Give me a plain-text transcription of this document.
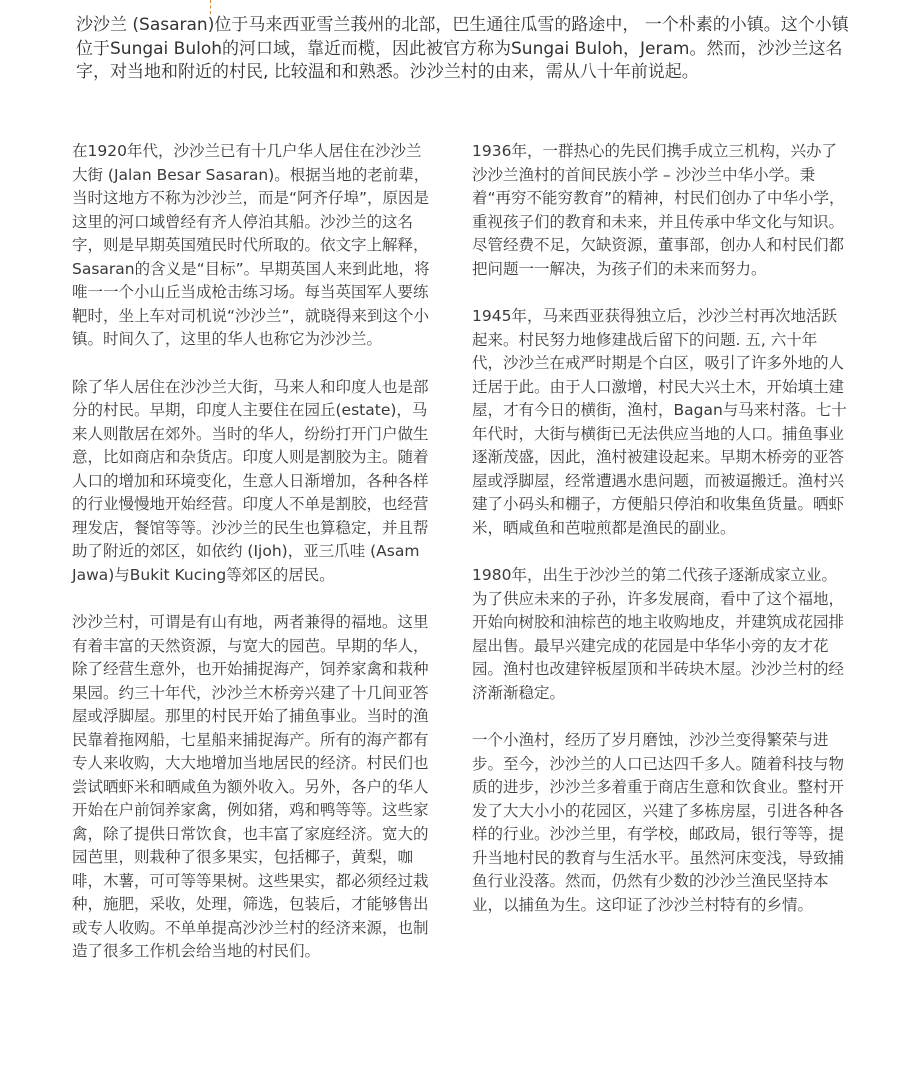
沙沙兰 (Sasaran)位于马来西亚雪兰莪州的北部，巴生通往瓜雪的路途中， 一个朴素的小镇。这个小镇位于Sungai Buloh的河口域，靠近而榄，因此被官方称为Sungai Buloh，Jeram。然而，沙沙兰这名字，对当地和附近的村民, 比较温和和熟悉。沙沙兰村的由来，需从八十年前说起。

在1920年代，沙沙兰已有十几户华人居住在沙沙兰大街 (Jalan Besar Sasaran)。根据当地的老前辈，当时这地方不称为沙沙兰，而是“阿齐仔埠”，原因是这里的河口域曾经有齐人停泊其船。沙沙兰的这名字，则是早期英国殖民时代所取的。依文字上解释，Sasaran的含义是“目标”。早期英国人来到此地，将唯一一个小山丘当成枪击练习场。每当英国军人要练靶时，坐上车对司机说“沙沙兰”，就晓得来到这个小镇。时间久了，这里的华人也称它为沙沙兰。

除了华人居住在沙沙兰大街，马来人和印度人也是部分的村民。早期，印度人主要住在园丘(estate)，马来人则散居在郊外。当时的华人，纷纷打开门户做生意，比如商店和杂货店。印度人则是割胶为主。随着人口的增加和环境变化，生意人日渐增加，各种各样的行业慢慢地开始经营。印度人不单是割胶，也经营理发店，餐馆等等。沙沙兰的民生也算稳定，并且帮助了附近的郊区，如依约 (Ijoh)，亚三爪哇 (Asam Jawa)与Bukit Kucing等郊区的居民。

沙沙兰村，可谓是有山有地，两者兼得的福地。这里有着丰富的天然资源，与宽大的园芭。早期的华人，除了经营生意外，也开始捕捉海产，饲养家禽和栽种果园。约三十年代，沙沙兰木桥旁兴建了十几间亚答屋或浮脚屋。那里的村民开始了捕鱼事业。当时的渔民靠着拖网船，七星船来捕捉海产。所有的海产都有专人来收购，大大地增加当地居民的经济。村民们也尝试晒虾米和晒咸鱼为额外收入。另外，各户的华人开始在户前饲养家禽，例如猪，鸡和鸭等等。这些家禽，除了提供日常饮食，也丰富了家庭经济。宽大的园芭里，则栽种了很多果实，包括椰子，黄梨，咖啡，木薯，可可等等果树。这些果实，都必须经过栽种，施肥，采收，处理，筛选，包装后，才能够售出或专人收购。不单单提高沙沙兰村的经济来源，也制造了很多工作机会给当地的村民们。

1936年，一群热心的先民们携手成立三机构，兴办了沙沙兰渔村的首间民族小学 – 沙沙兰中华小学。秉着“再穷不能穷教育”的精神，村民们创办了中华小学，重视孩子们的教育和未来，并且传承中华文化与知识。尽管经费不足，欠缺资源，董事部，创办人和村民们都把问题一一解决，为孩子们的未来而努力。

1945年，马来西亚获得独立后，沙沙兰村再次地活跃起来。村民努力地修建战后留下的问题. 五, 六十年代，沙沙兰在戒严时期是个白区，吸引了许多外地的人迁居于此。由于人口激增，村民大兴土木，开始填土建屋，才有今日的横街，渔村，Bagan与马来村落。七十年代时，大街与横街已无法供应当地的人口。捕鱼事业逐渐茂盛，因此，渔村被建设起来。早期木桥旁的亚答屋或浮脚屋，经常遭遇水患问题，而被逼搬迁。渔村兴建了小码头和棚子，方便船只停泊和收集鱼货量。晒虾米，晒咸鱼和芭啦煎都是渔民的副业。

1980年，出生于沙沙兰的第二代孩子逐渐成家立业。为了供应未来的子孙，许多发展商，看中了这个福地，开始向树胶和油棕芭的地主收购地皮，并建筑成花园排屋出售。最早兴建完成的花园是中华华小旁的友才花园。渔村也改建锌板屋顶和半砖块木屋。沙沙兰村的经济渐渐稳定。

一个小渔村，经历了岁月磨蚀，沙沙兰变得繁荣与进步。至今，沙沙兰的人口已达四千多人。随着科技与物质的进步，沙沙兰多着重于商店生意和饮食业。整村开发了大大小小的花园区，兴建了多栋房屋，引进各种各样的行业。沙沙兰里，有学校，邮政局，银行等等，提升当地村民的教育与生活水平。虽然河床变浅，导致捕鱼行业没落。然而，仍然有少数的沙沙兰渔民坚持本业，以捕鱼为生。这印证了沙沙兰村特有的乡情。
